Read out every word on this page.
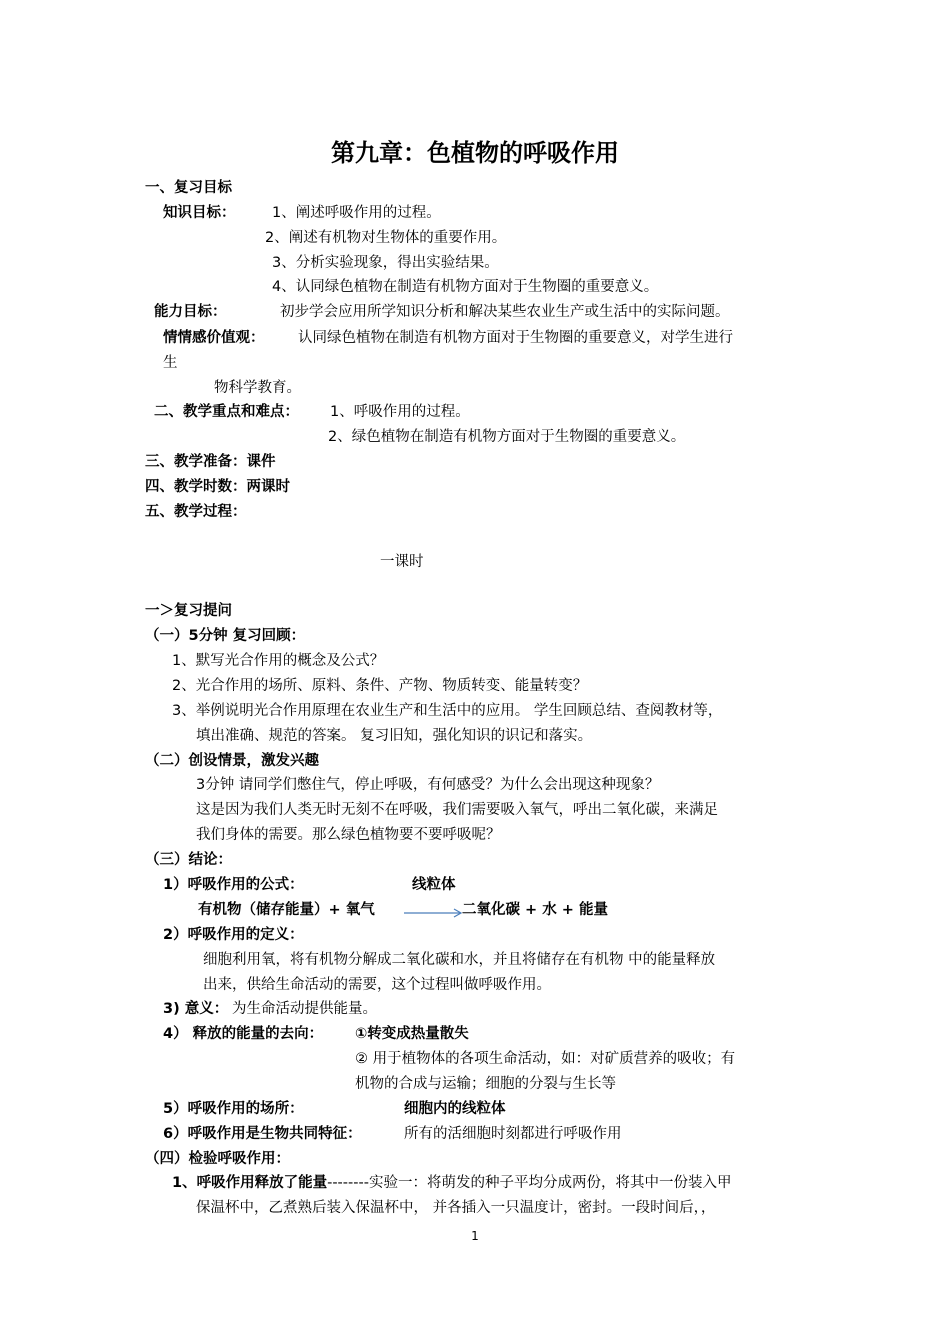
第九章：色植物的呼吸作用
一、复习目标
知识目标：	1、阐述呼吸作用的过程。
2、阐述有机物对生物体的重要作用。
3、分析实验现象，得出实验结果。
4、认同绿色植物在制造有机物方面对于生物圈的重要意义。
能力目标：	初步学会应用所学知识分析和解决某些农业生产或生活中的实际问题。
情情感价值观： 认同绿色植物在制造有机物方面对于生物圈的重要意义，对学生进行
生
物科学教育。
二、教学重点和难点： 1、呼吸作用的过程。
2、绿色植物在制造有机物方面对于生物圈的重要意义。
三、教学准备：课件
四、教学时数：两课时
五、教学过程：
一课时
一＞复习提问
（一）5分钟 复习回顾：
1、默写光合作用的概念及公式？
2、光合作用的场所、原料、条件、产物、物质转变、能量转变？
3、举例说明光合作用原理在农业生产和生活中的应用。 学生回顾总结、查阅教材等，
填出准确、规范的答案。 复习旧知，强化知识的识记和落实。
（二）创设情景，激发兴趣
3分钟 请同学们憋住气，停止呼吸，有何感受？为什么会出现这种现象？
这是因为我们人类无时无刻不在呼吸，我们需要吸入氧气，呼出二氧化碳，来满足
我们身体的需要。那么绿色植物要不要呼吸呢？
（三）结论：
1）呼吸作用的公式：	线粒体
有机物（储存能量）+ 氧气	二氧化碳 + 水 + 能量
2）呼吸作用的定义：
细胞利用氧，将有机物分解成二氧化碳和水，并且将储存在有机物 中的能量释放
出来，供给生命活动的需要，这个过程叫做呼吸作用。
3) 意义： 为生命活动提供能量。
4） 释放的能量的去向： ①转变成热量散失
② 用于植物体的各项生命活动，如：对矿质营养的吸收；有
机物的合成与运输；细胞的分裂与生长等
5）呼吸作用的场所：	细胞内的线粒体
6）呼吸作用是生物共同特征：	所有的活细胞时刻都进行呼吸作用
（四）检验呼吸作用：
1、呼吸作用释放了能量--------实验一：将萌发的种子平均分成两份，将其中一份装入甲
保温杯中，乙煮熟后装入保温杯中， 并各插入一只温度计，密封。一段时间后，，
1
